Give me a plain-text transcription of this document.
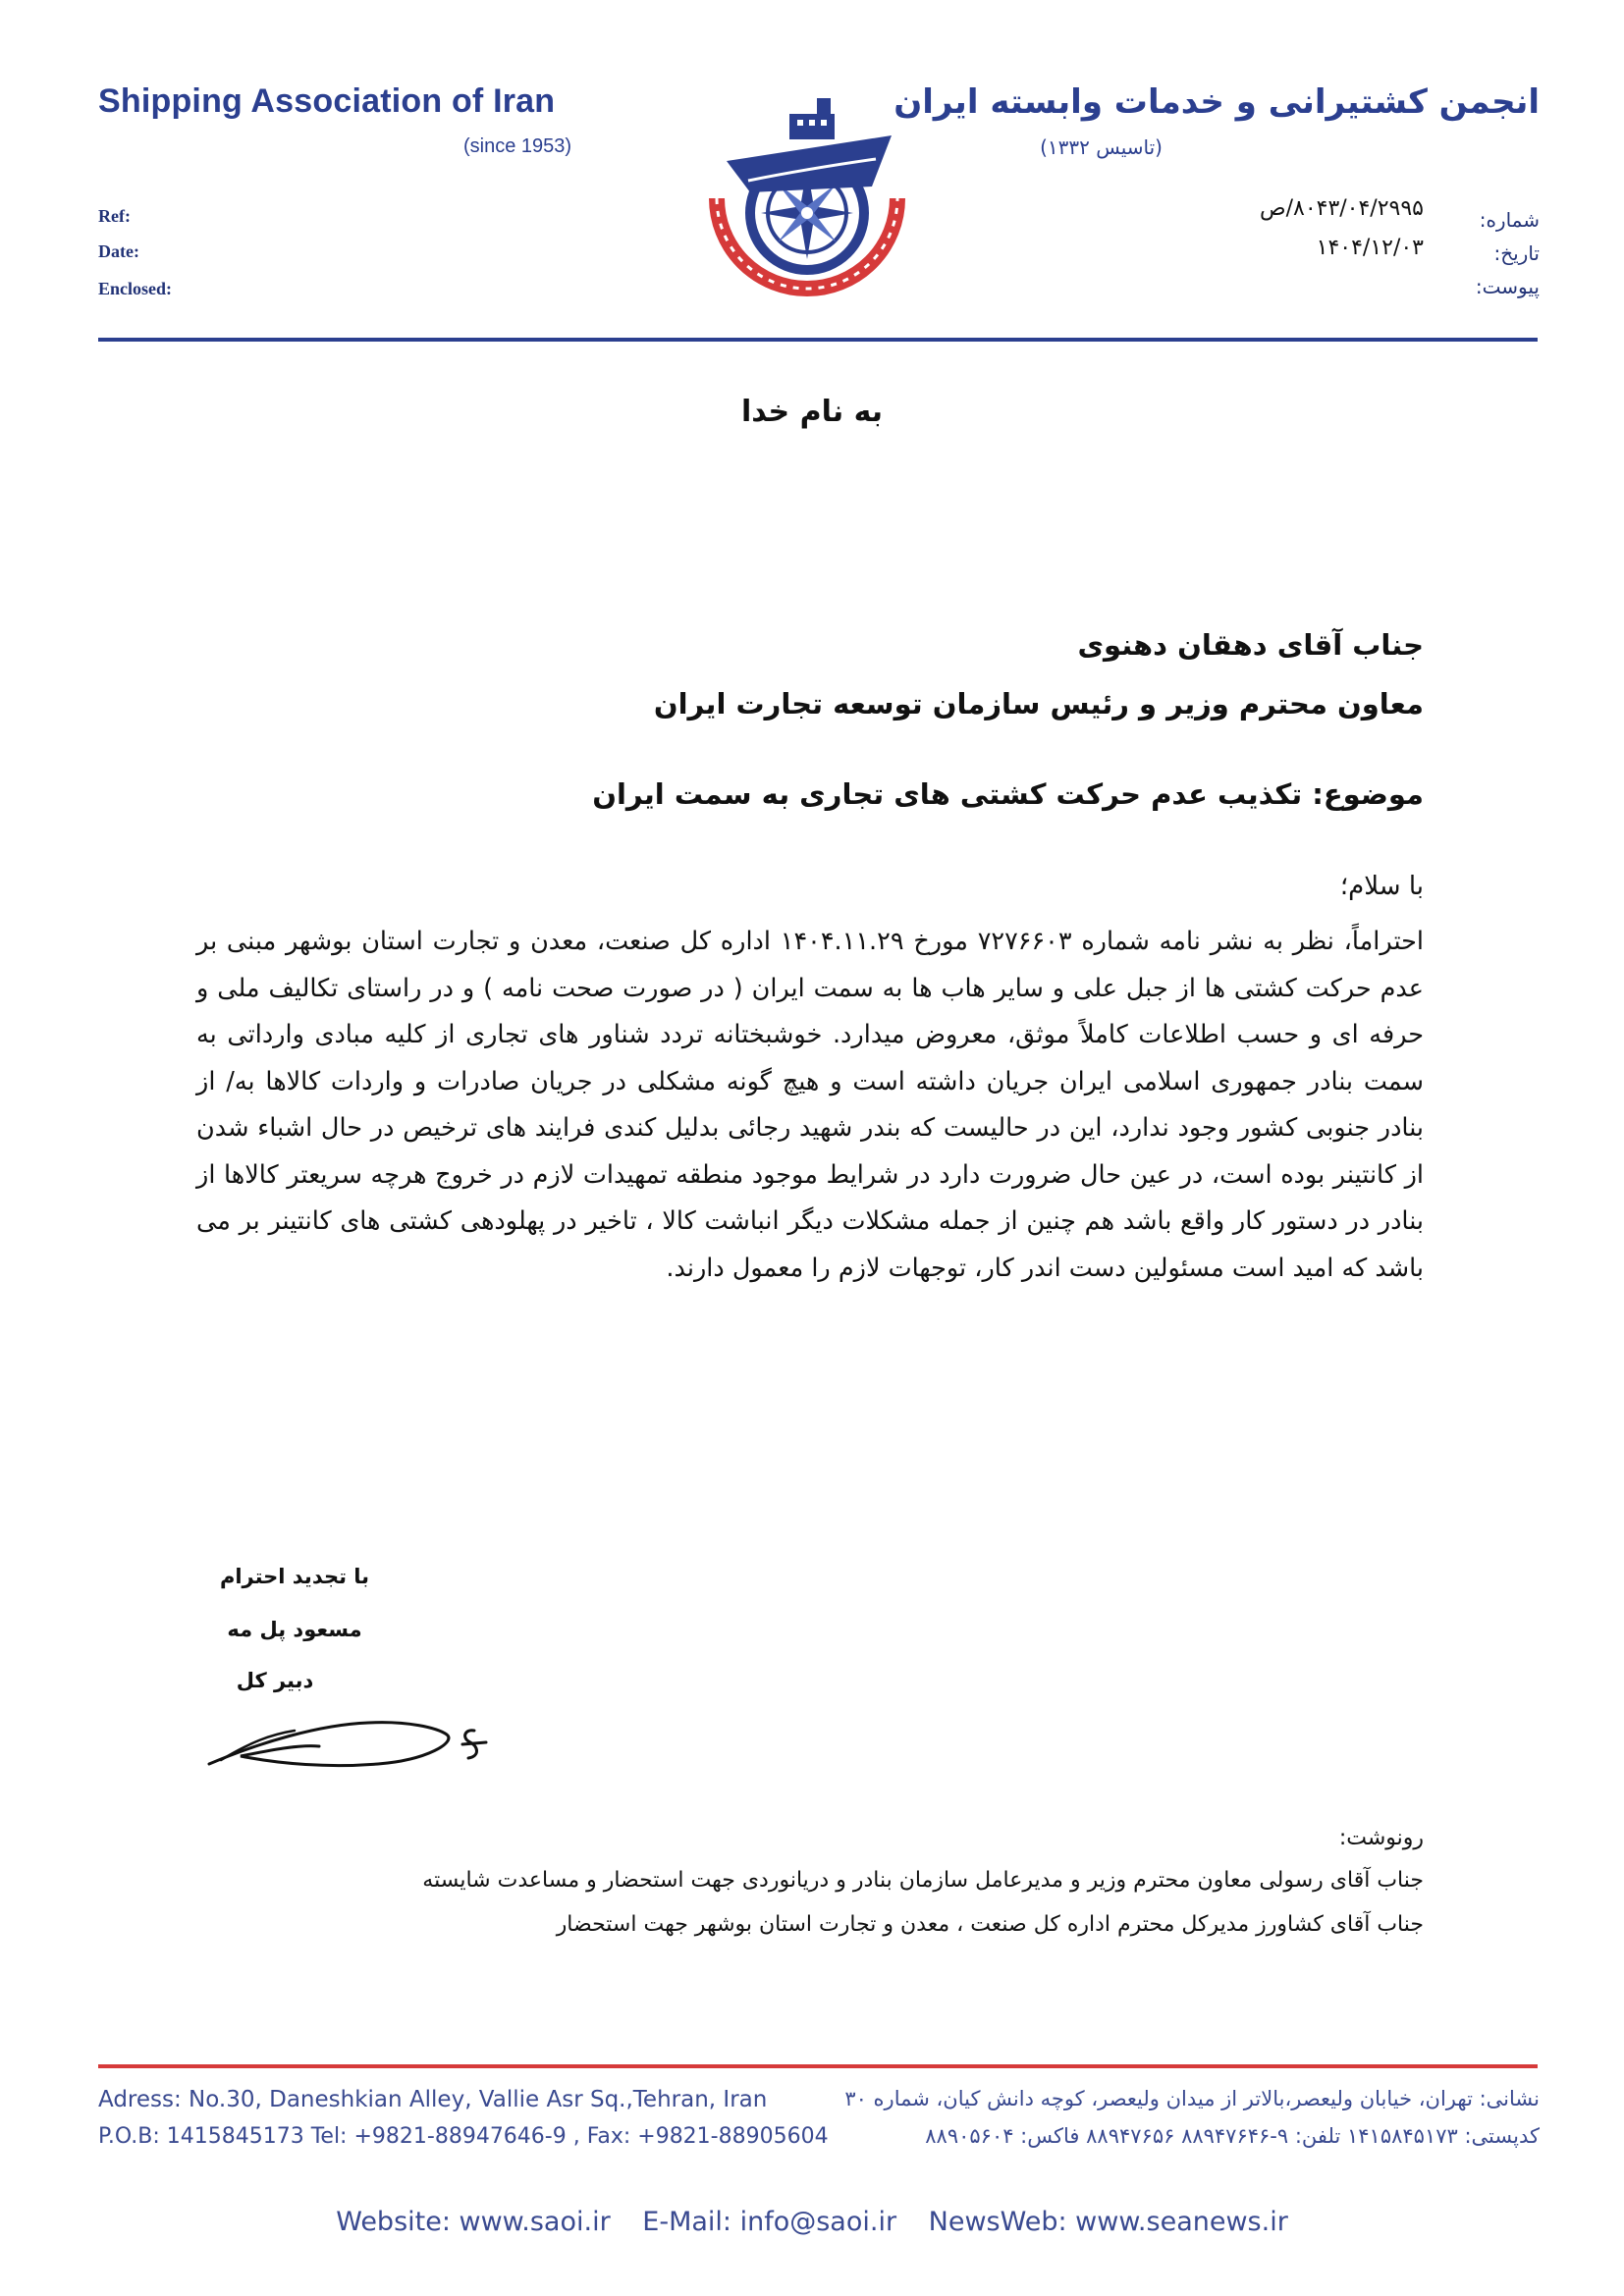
Shipping Association of Iran
(since 1953)
انجمن کشتیرانی و خدمات وابسته ایران
(تاسیس ۱۳۳۲)
Ref:
Date:
Enclosed:
شماره:
تاریخ:
پیوست:
۸۰۴۳/۰۴/۲۹۹۵/ص
۱۴۰۴/۱۲/۰۳
به نام خدا
جناب آقای دهقان دهنوی
معاون محترم وزیر و رئیس سازمان توسعه تجارت ایران
موضوع: تکذیب عدم حرکت کشتی های تجاری به سمت ایران
با سلام؛

احتراماً، نظر به نشر نامه شماره ۷۲۷۶۶۰۳ مورخ ۱۴۰۴.۱۱.۲۹ اداره کل صنعت، معدن و تجارت استان بوشهر مبنی بر عدم حرکت کشتی ها از جبل علی و سایر هاب ها به سمت ایران ( در صورت صحت نامه ) و در راستای تکالیف ملی و حرفه ای و حسب اطلاعات کاملاً موثق، معروض میدارد. خوشبختانه تردد شناور های تجاری از کلیه مبادی وارداتی به سمت بنادر جمهوری اسلامی ایران جریان داشته است و هیچ گونه مشکلی در جریان صادرات و واردات کالاها به/ از بنادر جنوبی کشور وجود ندارد، این در حالیست که بندر شهید رجائی بدلیل کندی فرایند های ترخیص در حال اشباء شدن از کانتینر بوده است، در عین حال ضرورت دارد در شرایط موجود منطقه تمهیدات لازم در خروج هرچه سریعتر کالاها از بنادر در دستور کار واقع باشد هم چنین از جمله مشکلات دیگر انباشت کالا ، تاخیر در پهلودهی کشتی های کانتینر بر می باشد که امید است مسئولین دست اندر کار، توجهات لازم را معمول دارند.

با تجدید احترام
مسعود پل مه
دبیر کل
رونوشت:
جناب آقای رسولی معاون محترم وزیر و مدیرعامل سازمان بنادر و دریانوردی جهت استحضار و مساعدت شایسته
جناب آقای کشاورز مدیرکل محترم اداره کل صنعت ، معدن و تجارت استان بوشهر جهت استحضار
Adress: No.30, Daneshkian Alley, Vallie Asr Sq.,Tehran, Iran
P.O.B: 1415845173 Tel: +9821-88947646-9 , Fax: +9821-88905604
نشانی: تهران، خیابان ولیعصر،بالاتر از میدان ولیعصر، کوچه دانش کیان، شماره ۳۰
کدپستی: ۱۴۱۵۸۴۵۱۷۳ تلفن: ۹-۸۸۹۴۷۶۴۶ ۸۸۹۴۷۶۵۶ فاکس: ۸۸۹۰۵۶۰۴
Website: www.saoi.ir E-Mail: info@saoi.ir NewsWeb: www.seanews.ir
